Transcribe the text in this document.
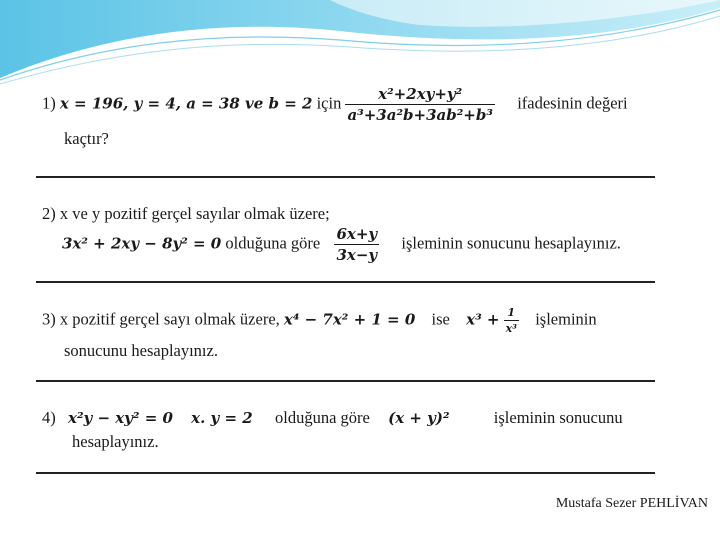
1) x = 196, y = 4, a = 38 ve b = 2 için $\frac{\text{x²+2xy+y²}}{\text{a³+3a²b+3ab²+b³}}$ ifadesinin değeri
kaçtır?
2) x ve y pozitif gerçel sayılar olmak üzere;
3x² + 2xy − 8y² = 0 olduğuna göre $\frac{6x+y}{3x-y}$ işleminin sonucunu hesaplayınız.
3) x pozitif gerçel sayı olmak üzere, x⁴ − 7x² + 1 = 0 ise $x^3 + \frac{1}{\text{x³}}$ işleminin
sonucunu hesaplayınız.
4) x²y − xy² = 0 x. y = 2 olduğuna göre (x + y)²	işleminin sonucunu
hesaplayınız.
Mustafa Sezer PEHLİVAN
